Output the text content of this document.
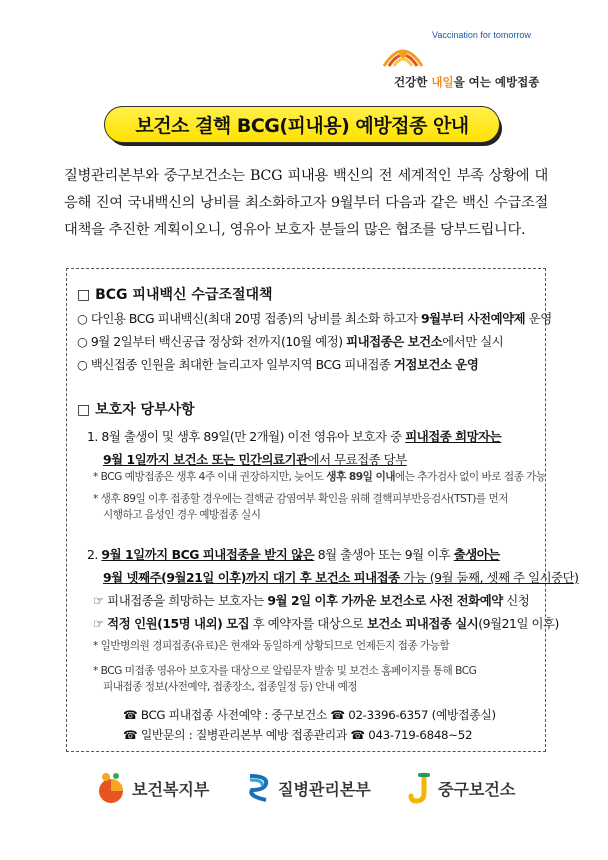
Vaccination for tomorrow
건강한 내일을 여는 예방접종
보건소 결핵 BCG(피내용) 예방접종 안내
질병관리본부와 중구보건소는 BCG 피내용 백신의 전 세계적인 부족 상황에 대응해 진여 국내백신의 낭비를 최소화하고자 9월부터 다음과 같은 백신 수급조절 대책을 추진한 계획이오니, 영유아 보호자 분들의 많은 협조를 당부드립니다.
□ BCG 피내백신 수급조절대책
○ 다인용 BCG 피내백신(최대 20명 접종)의 낭비를 최소화 하고자 9월부터 사전예약제 운영
○ 9월 2일부터 백신공급 정상화 전까지(10월 예정) 피내접종은 보건소에서만 실시
○ 백신접종 인원을 최대한 늘리고자 일부지역 BCG 피내접종 거점보건소 운영
□ 보호자 당부사항
1. 8월 출생이 및 생후 89일(만 2개월) 이전 영유아 보호자 중 피내접종 희망자는
9월 1일까지 보건소 또는 민간의료기관에서 무료접종 당부
* BCG 예방접종은 생후 4주 이내 권장하지만, 늦어도 생후 89일 이내에는 추가검사 없이 바로 접종 가능
* 생후 89일 이후 접종할 경우에는 결핵균 감염여부 확인을 위해 결핵피부반응검사(TST)를 먼저
시행하고 음성인 경우 예방접종 실시
2. 9월 1일까지 BCG 피내접종을 받지 않은 8월 출생아 또는 9월 이후 출생아는
9월 넷째주(9월21일 이후)까지 대기 후 보건소 피내접종 가능 (9월 둘째, 셋째 주 일시중단)
☞ 피내접종을 희망하는 보호자는 9월 2일 이후 가까운 보건소로 사전 전화예약 신청
☞ 적정 인원(15명 내외) 모집 후 예약자를 대상으로 보건소 피내접종 실시(9월21일 이후)
* 일반병의원 경피접종(유료)은 현재와 동일하게 상황되므로 언제든지 접종 가능함
* BCG 미접종 영유아 보호자를 대상으로 알림문자 발송 및 보건소 홈페이지를 통해 BCG
피내접종 정보(사전예약, 접종장소, 접종일정 등) 안내 예정
☎ BCG 피내접종 사전예약 : 중구보건소 ☎ 02-3396-6357 (예방접종실)
☎ 일반문의 : 질병관리본부 예방 접종관리과 ☎ 043-719-6848~52
보건복지부	질병관리본부	중구보건소
